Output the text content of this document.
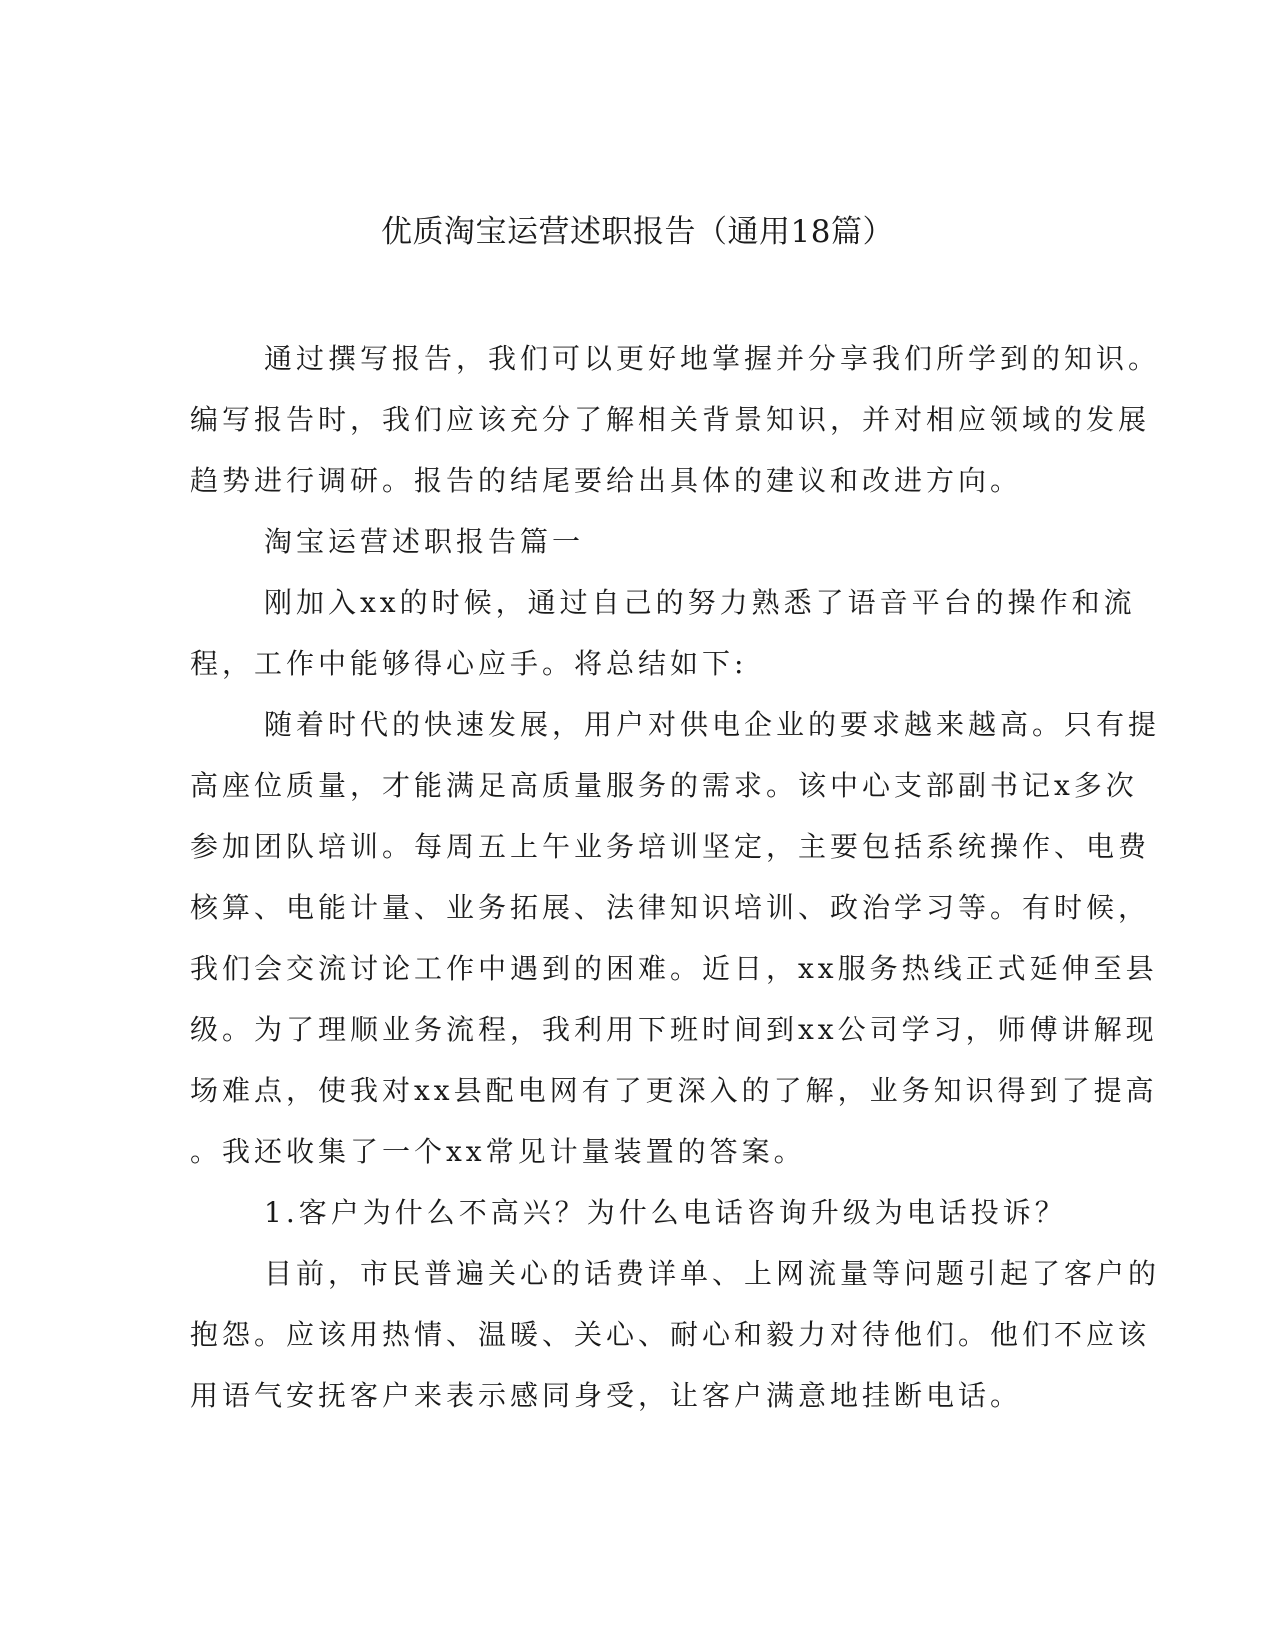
优质淘宝运营述职报告（通用18篇）

通过撰写报告，我们可以更好地掌握并分享我们所学到的知识。

编写报告时，我们应该充分了解相关背景知识，并对相应领域的发展

趋势进行调研。报告的结尾要给出具体的建议和改进方向。

淘宝运营述职报告篇一

刚加入xx的时候，通过自己的努力熟悉了语音平台的操作和流

程，工作中能够得心应手。将总结如下:

随着时代的快速发展，用户对供电企业的要求越来越高。只有提

高座位质量，才能满足高质量服务的需求。该中心支部副书记x多次

参加团队培训。每周五上午业务培训坚定，主要包括系统操作、电费

核算、电能计量、业务拓展、法律知识培训、政治学习等。有时候，

我们会交流讨论工作中遇到的困难。近日，xx服务热线正式延伸至县

级。为了理顺业务流程，我利用下班时间到xx公司学习，师傅讲解现

场难点，使我对xx县配电网有了更深入的了解，业务知识得到了提高

。我还收集了一个xx常见计量装置的答案。

1.客户为什么不高兴？为什么电话咨询升级为电话投诉？

目前，市民普遍关心的话费详单、上网流量等问题引起了客户的

抱怨。应该用热情、温暖、关心、耐心和毅力对待他们。他们不应该

用语气安抚客户来表示感同身受，让客户满意地挂断电话。
